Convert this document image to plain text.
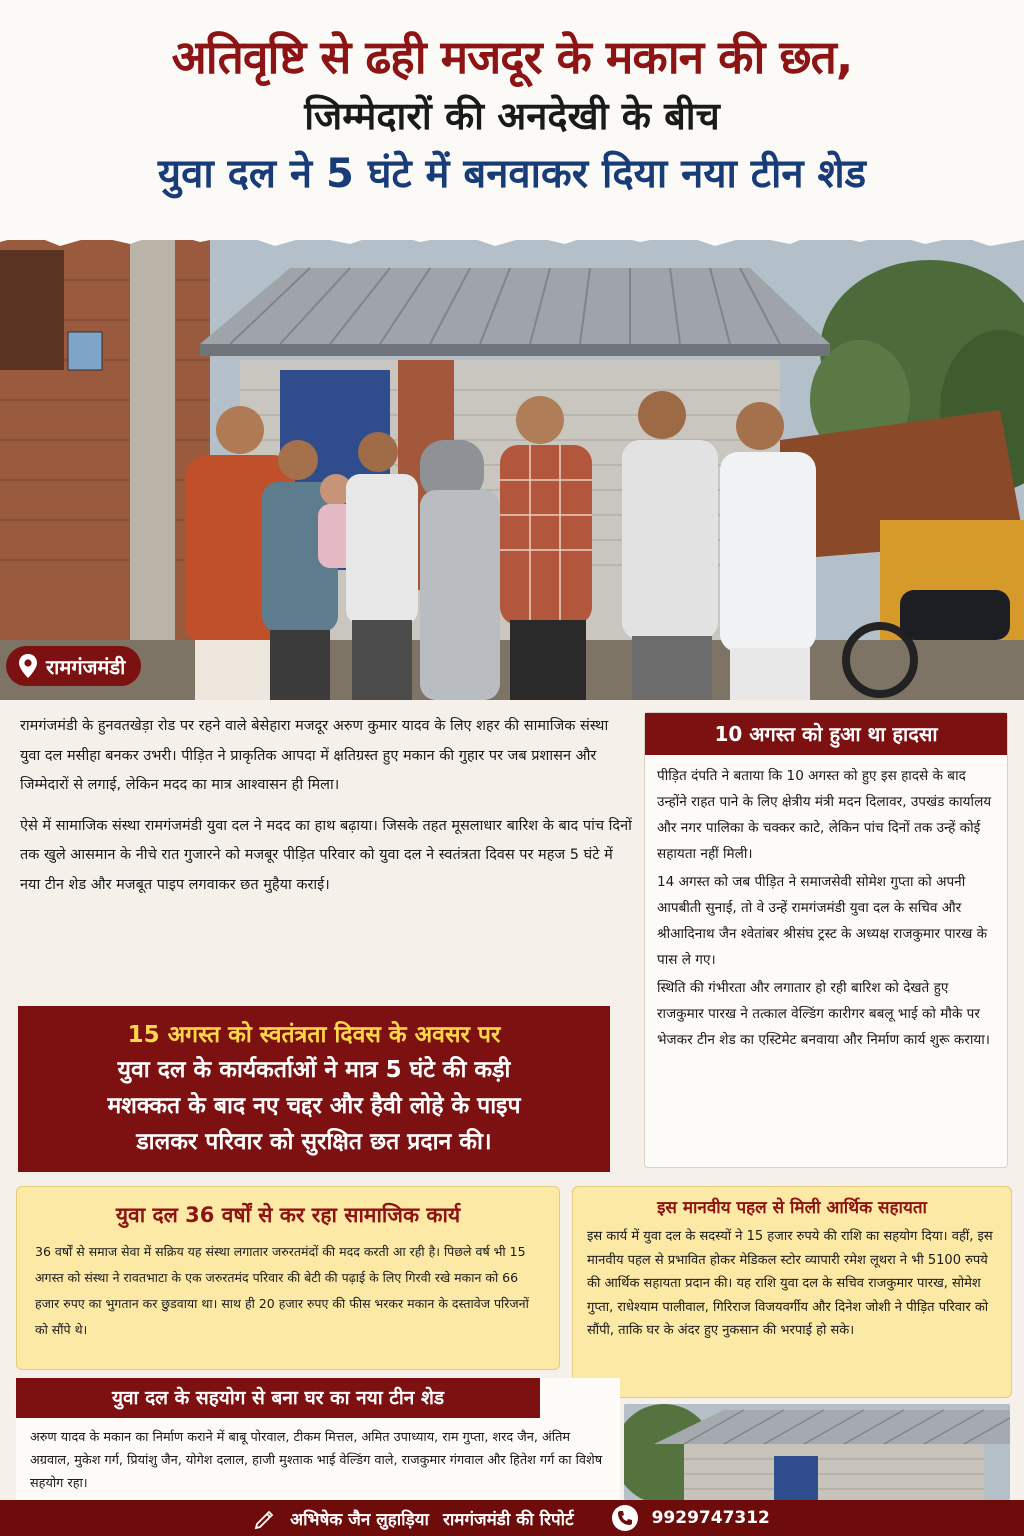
अतिवृष्टि से ढही मजदूर के मकान की छत,
जिम्मेदारों की अनदेखी के बीच
युवा दल ने 5 घंटे में बनवाकर दिया नया टीन शेड
रामगंजमंडी

रामगंजमंडी के हुनवतखेड़ा रोड पर रहने वाले बेसेहारा मजदूर अरुण कुमार यादव के लिए शहर की सामाजिक संस्था युवा दल मसीहा बनकर उभरी। पीड़ित ने प्राकृतिक आपदा में क्षतिग्रस्त हुए मकान की गुहार पर जब प्रशासन और जिम्मेदारों से लगाई, लेकिन मदद का मात्र आश्वासन ही मिला।

ऐसे में सामाजिक संस्था रामगंजमंडी युवा दल ने मदद का हाथ बढ़ाया। जिसके तहत मूसलाधार बारिश के बाद पांच दिनों तक खुले आसमान के नीचे रात गुजारने को मजबूर पीड़ित परिवार को युवा दल ने स्वतंत्रता दिवस पर महज 5 घंटे में नया टीन शेड और मजबूत पाइप लगवाकर छत मुहैया कराई।

15 अगस्त को स्वतंत्रता दिवस के अवसर पर
युवा दल के कार्यकर्ताओं ने मात्र 5 घंटे की कड़ी
मशक्कत के बाद नए चद्दर और हैवी लोहे के पाइप
डालकर परिवार को सुरक्षित छत प्रदान की।
10 अगस्त को हुआ था हादसा

पीड़ित दंपति ने बताया कि 10 अगस्त को हुए इस हादसे के बाद उन्होंने राहत पाने के लिए क्षेत्रीय मंत्री मदन दिलावर, उपखंड कार्यालय और नगर पालिका के चक्कर काटे, लेकिन पांच दिनों तक उन्हें कोई सहायता नहीं मिली।

14 अगस्त को जब पीड़ित ने समाजसेवी सोमेश गुप्ता को अपनी आपबीती सुनाई, तो वे उन्हें रामगंजमंडी युवा दल के सचिव और श्रीआदिनाथ जैन श्वेतांबर श्रीसंघ ट्रस्ट के अध्यक्ष राजकुमार पारख के पास ले गए।

स्थिति की गंभीरता और लगातार हो रही बारिश को देखते हुए राजकुमार पारख ने तत्काल वेल्डिंग कारीगर बबलू भाई को मौके पर भेजकर टीन शेड का एस्टिमेट बनवाया और निर्माण कार्य शुरू कराया।

युवा दल 36 वर्षों से कर रहा सामाजिक कार्य
36 वर्षों से समाज सेवा में सक्रिय यह संस्था लगातार जरुरतमंदों की मदद करती आ रही है। पिछले वर्ष भी 15 अगस्त को संस्था ने रावतभाटा के एक जरुरतमंद परिवार की बेटी की पढ़ाई के लिए गिरवी रखे मकान को 66 हजार रुपए का भुगतान कर छुडवाया था। साथ ही 20 हजार रुपए की फीस भरकर मकान के दस्तावेज परिजनों को सौंपे थे।
इस मानवीय पहल से मिली आर्थिक सहायता
इस कार्य में युवा दल के सदस्यों ने 15 हजार रुपये की राशि का सहयोग दिया। वहीं, इस मानवीय पहल से प्रभावित होकर मेडिकल स्टोर व्यापारी रमेश लूथरा ने भी 5100 रुपये की आर्थिक सहायता प्रदान की। यह राशि युवा दल के सचिव राजकुमार पारख, सोमेश गुप्ता, राधेश्याम पालीवाल, गिरिराज विजयवर्गीय और दिनेश जोशी ने पीड़ित परिवार को सौंपी, ताकि घर के अंदर हुए नुकसान की भरपाई हो सके।
युवा दल के सहयोग से बना घर का नया टीन शेड
अरुण यादव के मकान का निर्माण कराने में बाबू पोरवाल, टीकम मित्तल, अमित उपाध्याय, राम गुप्ता, शरद जैन, अंतिम अग्रवाल, मुकेश गर्ग, प्रियांशु जैन, योगेश दलाल, हाजी मुश्ताक भाई वेल्डिंग वाले, राजकुमार गंगवाल और हितेश गर्ग का विशेष सहयोग रहा।
अभिषेक जैन लुहाड़िया रामगंजमंडी की रिपोर्ट	9929747312
